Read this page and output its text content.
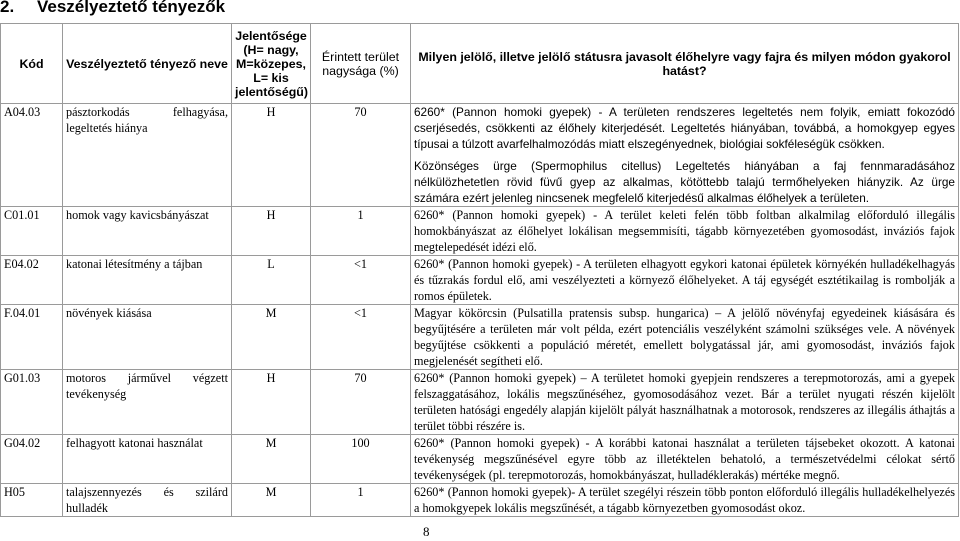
2. Veszélyeztető tényezők
Kód	Veszélyeztető tényező neve	Jelentősége (H= nagy, M=közepes, L= kis jelentőségű)	Érintett terület nagysága (%)	Milyen jelölő, illetve jelölő státusra javasolt élőhelyre vagy fajra és milyen módon gyakorol hatást?
A04.03	pásztorkodás felhagyása, legeltetés hiánya	H	70	6260* (Pannon homoki gyepek) - A területen rendszeres legeltetés nem folyik, emiatt fokozódó cserjésedés, csökkenti az élőhely kiterjedését. Legeltetés hiányában, továbbá, a homokgyep egyes típusai a túlzott avarfelhalmozódás miatt elszegényednek, biológiai sokféleségük csökken.

Közönséges ürge (Spermophilus citellus) Legeltetés hiányában a faj fennmaradásához nélkülözhetetlen rövid füvű gyep az alkalmas, kötöttebb talajú termőhelyeken hiányzik. Az ürge számára ezért jelenleg nincsenek megfelelő kiterjedésű alkalmas élőhelyek a területen.

C01.01	homok vagy kavicsbányászat	H	1	6260* (Pannon homoki gyepek) - A terület keleti felén több foltban alkalmilag előforduló illegális homokbányászat az élőhelyet lokálisan megsemmisíti, tágabb környezetében gyomosodást, inváziós fajok megtelepedését idézi elő.

E04.02	katonai létesítmény a tájban	L	<1	6260* (Pannon homoki gyepek) - A területen elhagyott egykori katonai épületek környékén hulladékelhagyás és tűzrakás fordul elő, ami veszélyezteti a környező élőhelyeket. A táj egységét esztétikailag is rombolják a romos épületek.

F.04.01	növények kiásása	M	<1	Magyar kökörcsin (Pulsatilla pratensis subsp. hungarica) – A jelölő növényfaj egyedeinek kiásására és begyűjtésére a területen már volt példa, ezért potenciális veszélyként számolni szükséges vele. A növények begyűjtése csökkenti a populáció méretét, emellett bolygatással jár, ami gyomosodást, inváziós fajok megjelenését segítheti elő.

G01.03	motoros járművel végzett tevékenység	H	70	6260* (Pannon homoki gyepek) – A területet homoki gyepjein rendszeres a terepmotorozás, ami a gyepek felszaggatásához, lokális megszűnéséhez, gyomosodásához vezet. Bár a terület nyugati részén kijelölt területen hatósági engedély alapján kijelölt pályát használhatnak a motorosok, rendszeres az illegális áthajtás a terület többi részére is.

G04.02	felhagyott katonai használat	M	100	6260* (Pannon homoki gyepek) - A korábbi katonai használat a területen tájsebeket okozott. A katonai tevékenység megszűnésével egyre több az illetéktelen behatoló, a természetvédelmi célokat sértő tevékenységek (pl. terepmotorozás, homokbányászat, hulladéklerakás) mértéke megnő.

H05	talajszennyezés és szilárd hulladék	M	1	6260* (Pannon homoki gyepek)- A terület szegélyi részein több ponton előforduló illegális hulladékelhelyezés a homokgyepek lokális megszűnését, a tágabb környezetben gyomosodást okoz.

8
